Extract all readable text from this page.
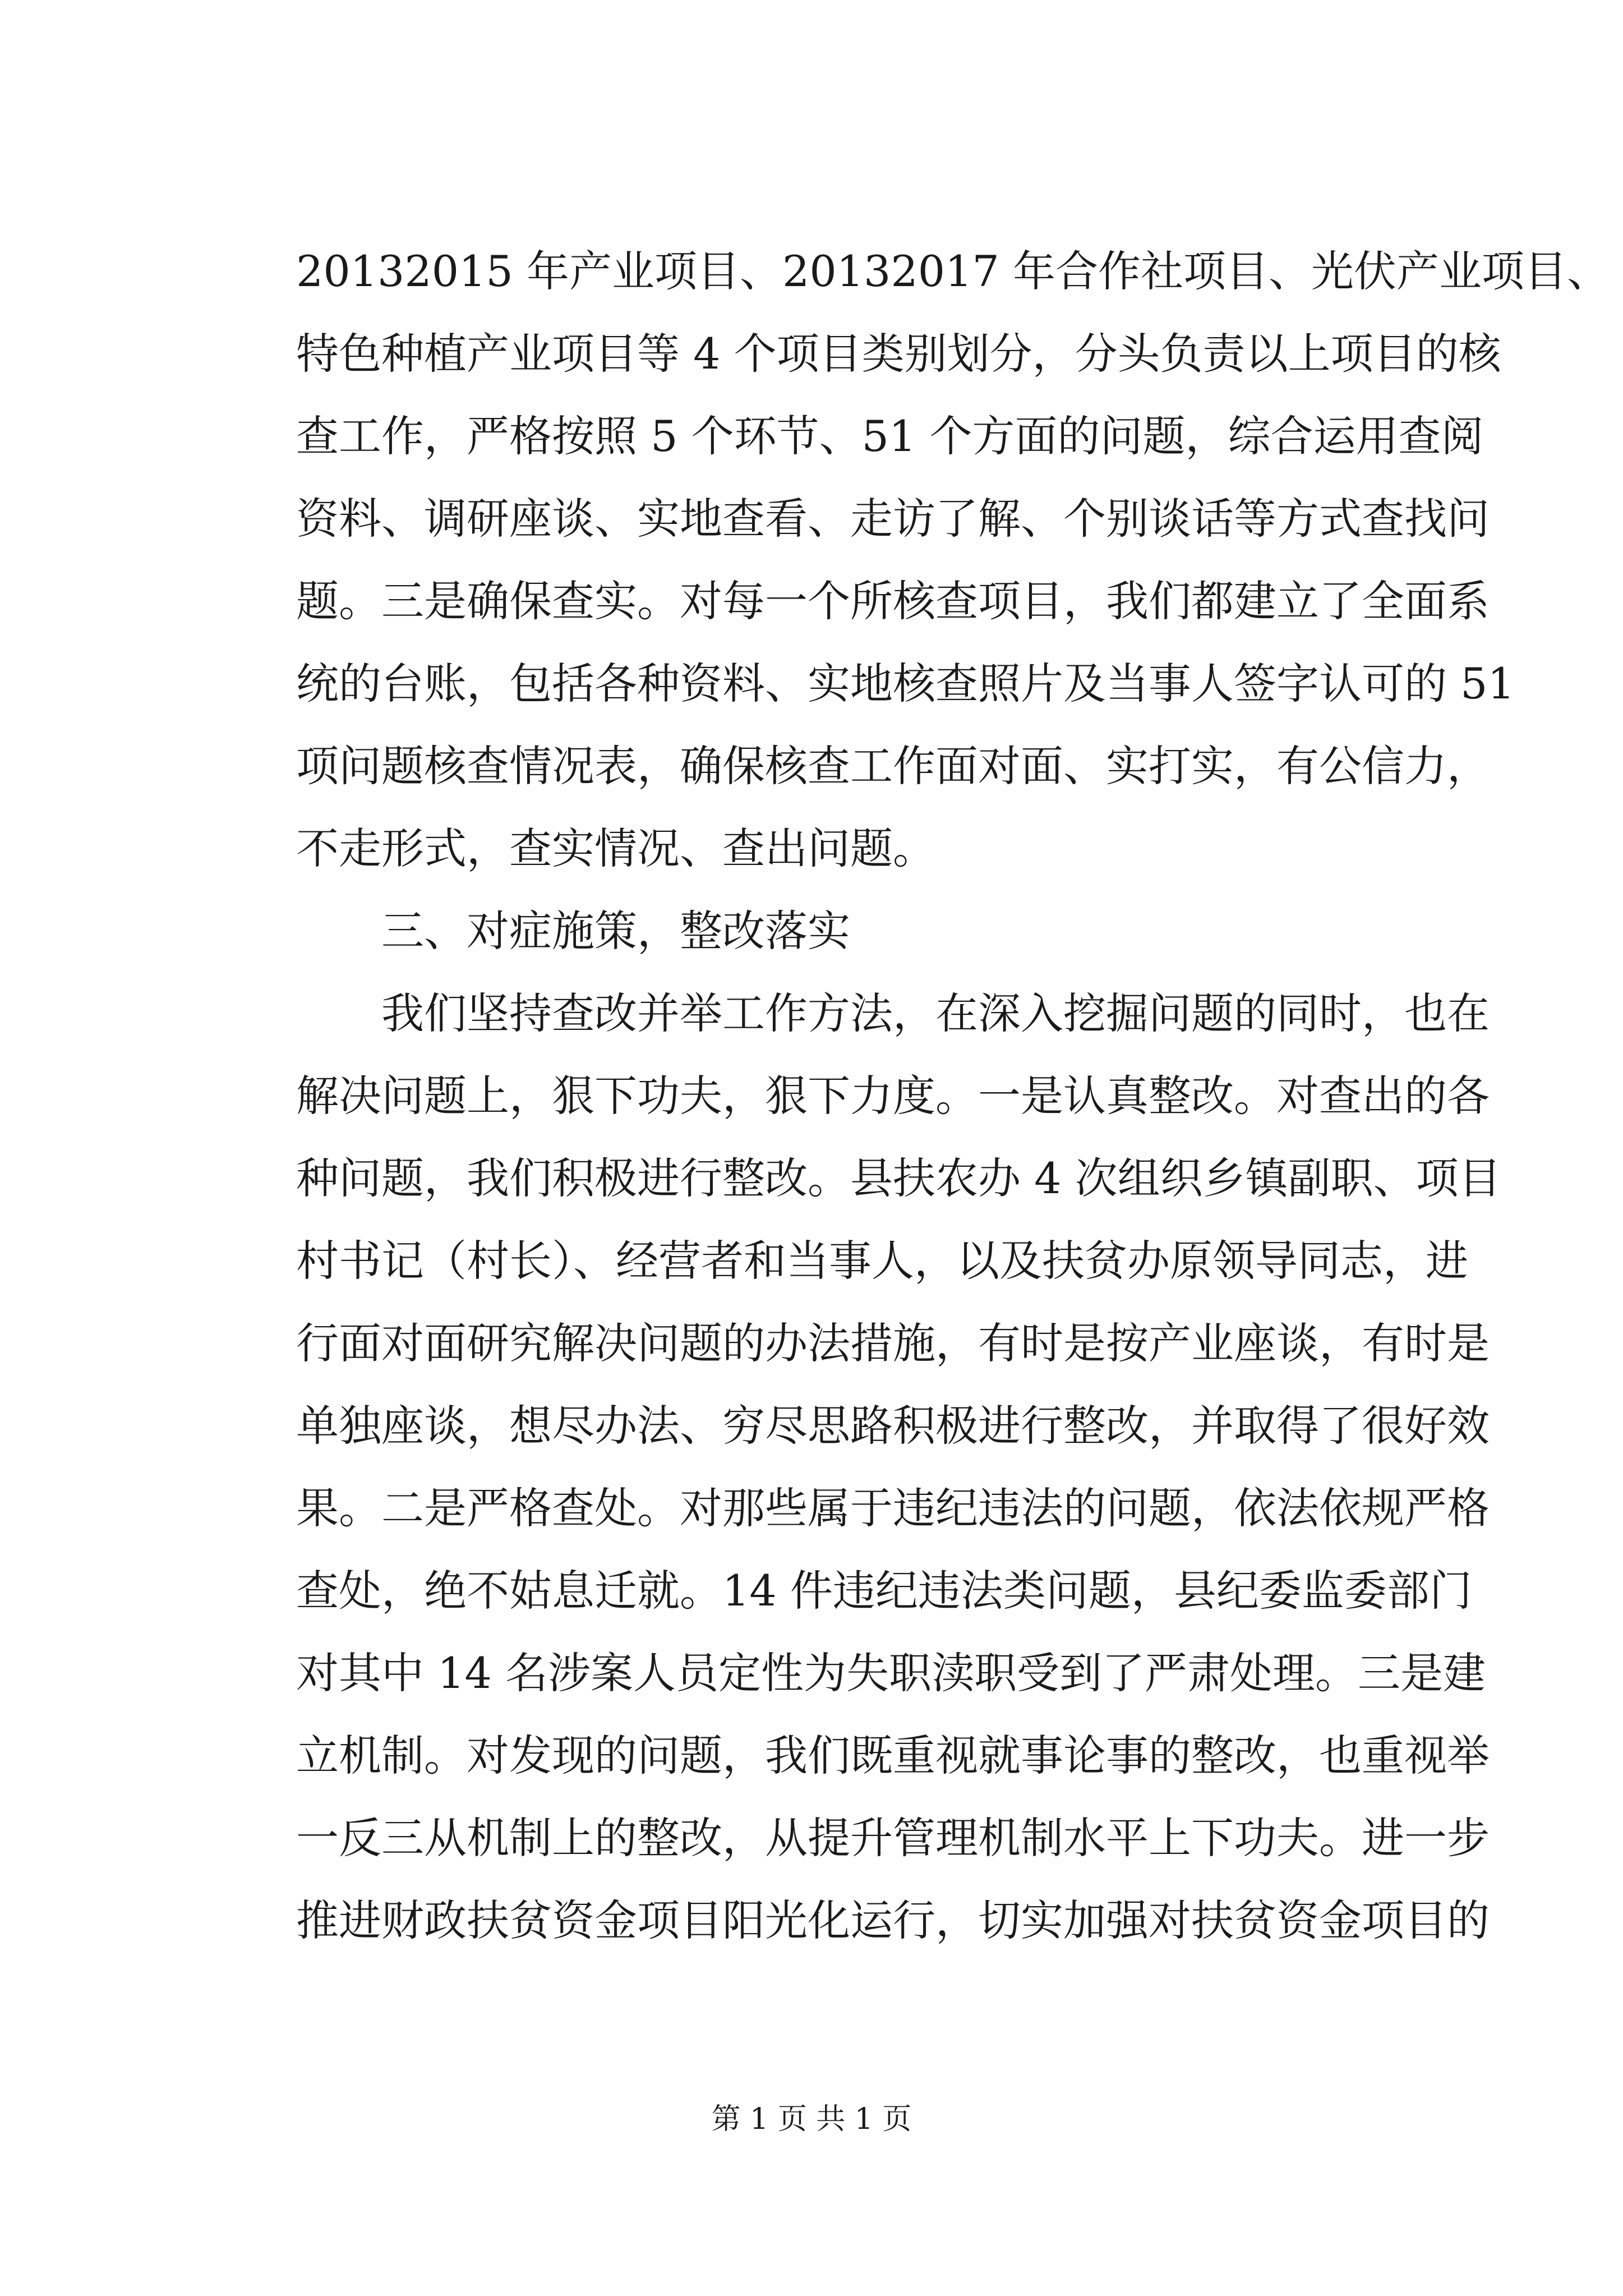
20132015 年产业项目、20132017 年合作社项目、光伏产业项目、
特色种植产业项目等 4 个项目类别划分，分头负责以上项目的核
查工作，严格按照 5 个环节、51 个方面的问题，综合运用查阅
资料、调研座谈、实地查看、走访了解、个别谈话等方式查找问
题。三是确保查实。对每一个所核查项目，我们都建立了全面系
统的台账，包括各种资料、实地核查照片及当事人签字认可的 51
项问题核查情况表，确保核查工作面对面、实打实，有公信力，
不走形式，查实情况、查出问题。
三、对症施策，整改落实
我们坚持查改并举工作方法，在深入挖掘问题的同时，也在
解决问题上，狠下功夫，狠下力度。一是认真整改。对查出的各
种问题，我们积极进行整改。县扶农办 4 次组织乡镇副职、项目
村书记（村长）、经营者和当事人，以及扶贫办原领导同志，进
行面对面研究解决问题的办法措施，有时是按产业座谈，有时是
单独座谈，想尽办法、穷尽思路积极进行整改，并取得了很好效
果。二是严格查处。对那些属于违纪违法的问题，依法依规严格
查处，绝不姑息迁就。14 件违纪违法类问题，县纪委监委部门
对其中 14 名涉案人员定性为失职渎职受到了严肃处理。三是建
立机制。对发现的问题，我们既重视就事论事的整改，也重视举
一反三从机制上的整改，从提升管理机制水平上下功夫。进一步
推进财政扶贫资金项目阳光化运行，切实加强对扶贫资金项目的
第 1 页 共 1 页
